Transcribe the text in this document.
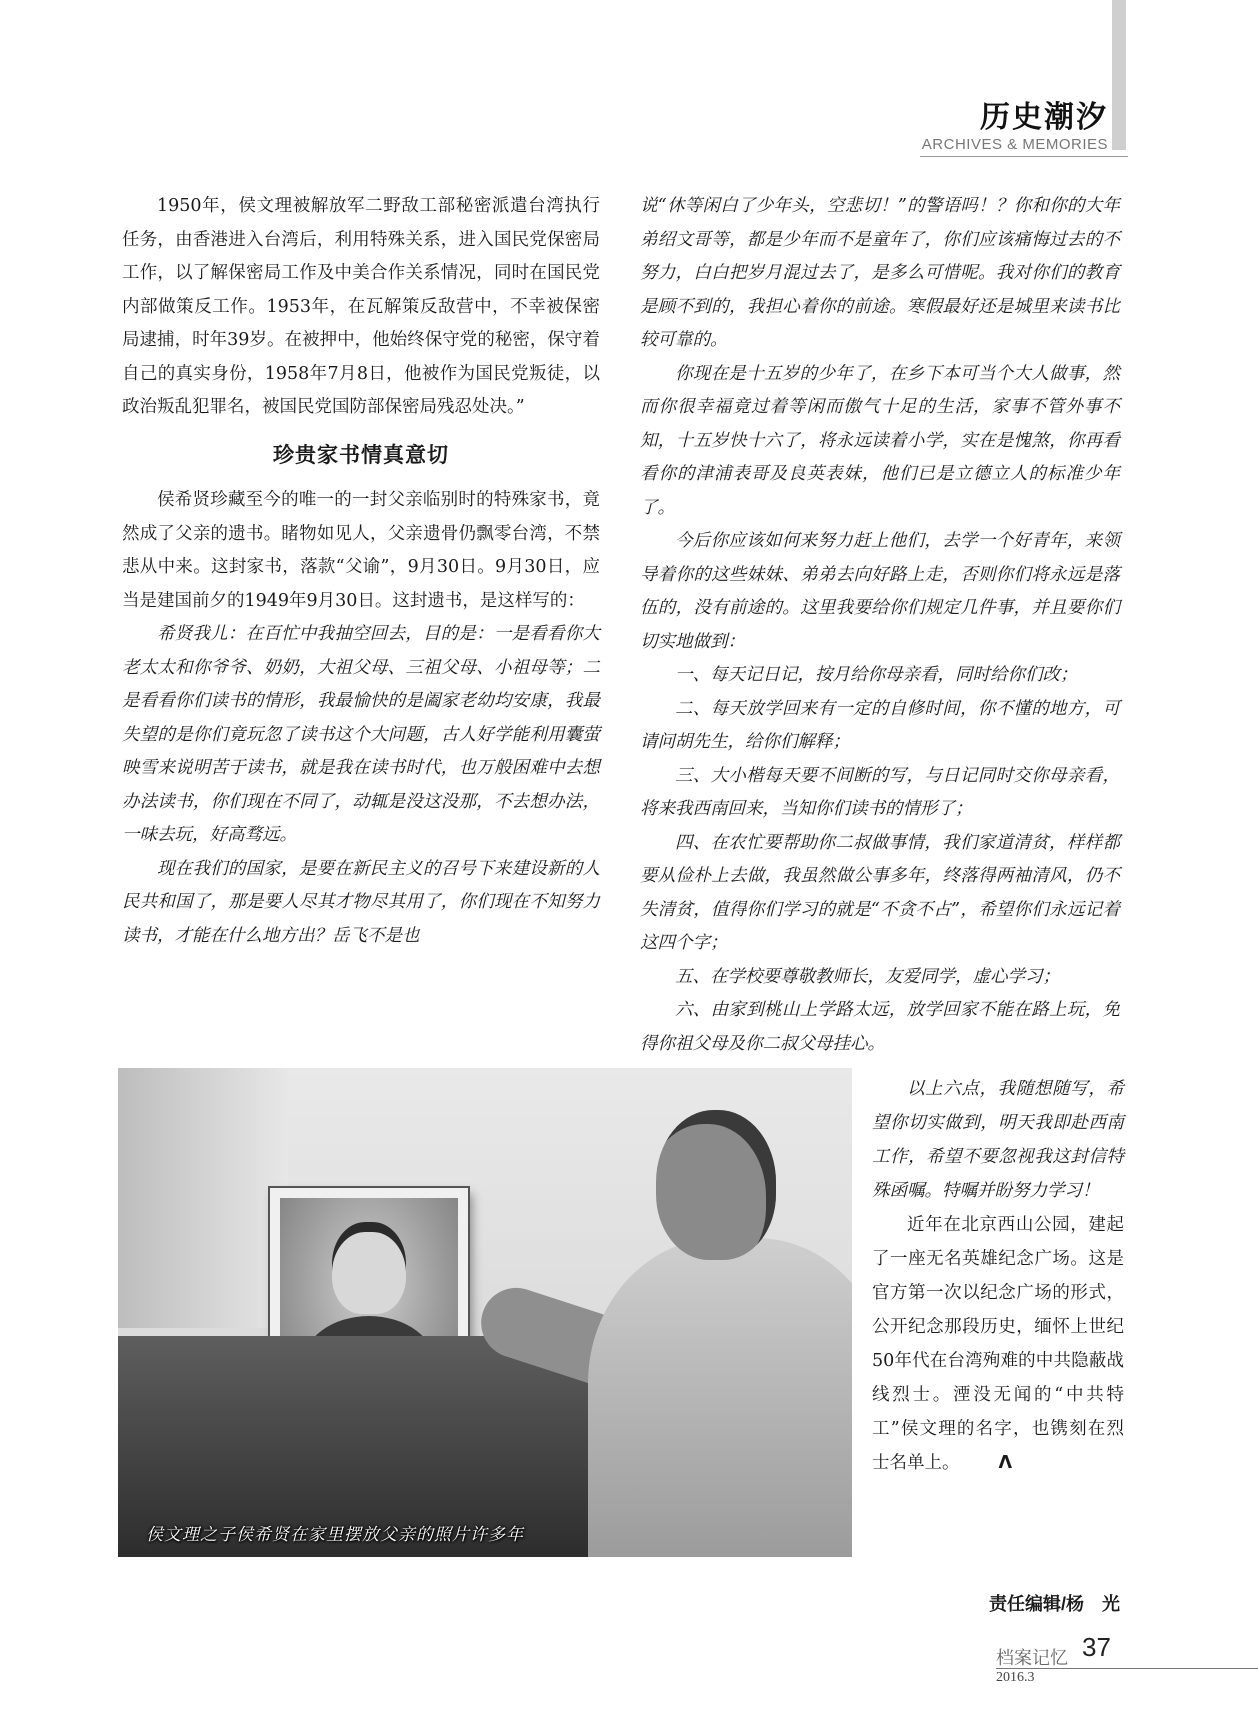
历史潮汐
ARCHIVES & MEMORIES

1950年，侯文理被解放军二野敌工部秘密派遣台湾执行任务，由香港进入台湾后，利用特殊关系，进入国民党保密局工作，以了解保密局工作及中美合作关系情况，同时在国民党内部做策反工作。1953年，在瓦解策反敌营中，不幸被保密局逮捕，时年39岁。在被押中，他始终保守党的秘密，保守着自己的真实身份，1958年7月8日，他被作为国民党叛徒，以政治叛乱犯罪名，被国民党国防部保密局残忍处决。”

珍贵家书情真意切

侯希贤珍藏至今的唯一的一封父亲临别时的特殊家书，竟然成了父亲的遗书。睹物如见人，父亲遗骨仍飘零台湾，不禁悲从中来。这封家书，落款“父谕”，9月30日。9月30日，应当是建国前夕的1949年9月30日。这封遗书，是这样写的：

希贤我儿：在百忙中我抽空回去，目的是：一是看看你大老太太和你爷爷、奶奶，大祖父母、三祖父母、小祖母等；二是看看你们读书的情形，我最愉快的是阖家老幼均安康，我最失望的是你们竟玩忽了读书这个大问题，古人好学能利用囊萤映雪来说明苦于读书，就是我在读书时代，也万般困难中去想办法读书，你们现在不同了，动辄是没这没那，不去想办法，一味去玩，好高骛远。

现在我们的国家，是要在新民主义的召号下来建设新的人民共和国了，那是要人尽其才物尽其用了，你们现在不知努力读书，才能在什么地方出？岳飞不是也

说“休等闲白了少年头，空悲切！”的警语吗！？你和你的大年弟绍文哥等，都是少年而不是童年了，你们应该痛悔过去的不努力，白白把岁月混过去了，是多么可惜呢。我对你们的教育是顾不到的，我担心着你的前途。寒假最好还是城里来读书比较可靠的。

你现在是十五岁的少年了，在乡下本可当个大人做事，然而你很幸福竟过着等闲而傲气十足的生活，家事不管外事不知，十五岁快十六了，将永远读着小学，实在是愧煞，你再看看你的津浦表哥及良英表妹，他们已是立德立人的标准少年了。

今后你应该如何来努力赶上他们，去学一个好青年，来领导着你的这些妹妹、弟弟去向好路上走，否则你们将永远是落伍的，没有前途的。这里我要给你们规定几件事，并且要你们切实地做到：

一、每天记日记，按月给你母亲看，同时给你们改；

二、每天放学回来有一定的自修时间，你不懂的地方，可请问胡先生，给你们解释；

三、大小楷每天要不间断的写，与日记同时交你母亲看，将来我西南回来，当知你们读书的情形了；

四、在农忙要帮助你二叔做事情，我们家道清贫，样样都要从俭朴上去做，我虽然做公事多年，终落得两袖清风，仍不失清贫，值得你们学习的就是“不贪不占”，希望你们永远记着这四个字；

五、在学校要尊敬教师长，友爱同学，虚心学习；

六、由家到桃山上学路太远，放学回家不能在路上玩，免得你祖父母及你二叔父母挂心。

侯文理之子侯希贤在家里摆放父亲的照片许多年

以上六点，我随想随写，希望你切实做到，明天我即赴西南工作，希望不要忽视我这封信特殊函嘱。特嘱并盼努力学习！

近年在北京西山公园，建起了一座无名英雄纪念广场。这是官方第一次以纪念广场的形式，公开纪念那段历史，缅怀上世纪50年代在台湾殉难的中共隐蔽战线烈士。湮没无闻的“中共特工”侯文理的名字，也镌刻在烈士名单上。 Λ

责任编辑/杨　光
档案记忆 37
2016.3
